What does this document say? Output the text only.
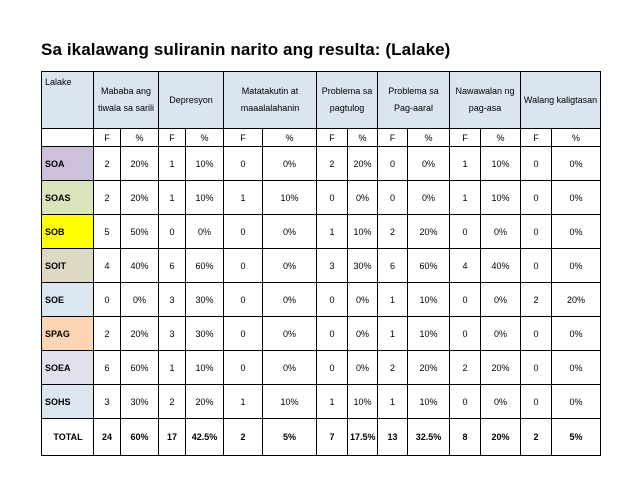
Sa ikalawang suliranin narito ang resulta: (Lalake)
Lalake	Mababa ang tiwala sa sarili		Depresyon		Matatakutin at maaalalahanin		Problema sa pagtulog		Problema sa Pag-aaral		Nawawalan ng pag-asa		Walang kaligtasan	
	F	%	F	%	F	%	F	%	F	%	F	%	F	%
SOA	2	20%	1	10%	0	0%	2	20%	0	0%	1	10%	0	0%
SOAS	2	20%	1	10%	1	10%	0	0%	0	0%	1	10%	0	0%
SOB	5	50%	0	0%	0	0%	1	10%	2	20%	0	0%	0	0%
SOIT	4	40%	6	60%	0	0%	3	30%	6	60%	4	40%	0	0%
SOE	0	0%	3	30%	0	0%	0	0%	1	10%	0	0%	2	20%
SPAG	2	20%	3	30%	0	0%	0	0%	1	10%	0	0%	0	0%
SOEA	6	60%	1	10%	0	0%	0	0%	2	20%	2	20%	0	0%
SOHS	3	30%	2	20%	1	10%	1	10%	1	10%	0	0%	0	0%
TOTAL	24	60%	17	42.5%	2	5%	7	17.5%	13	32.5%	8	20%	2	5%
